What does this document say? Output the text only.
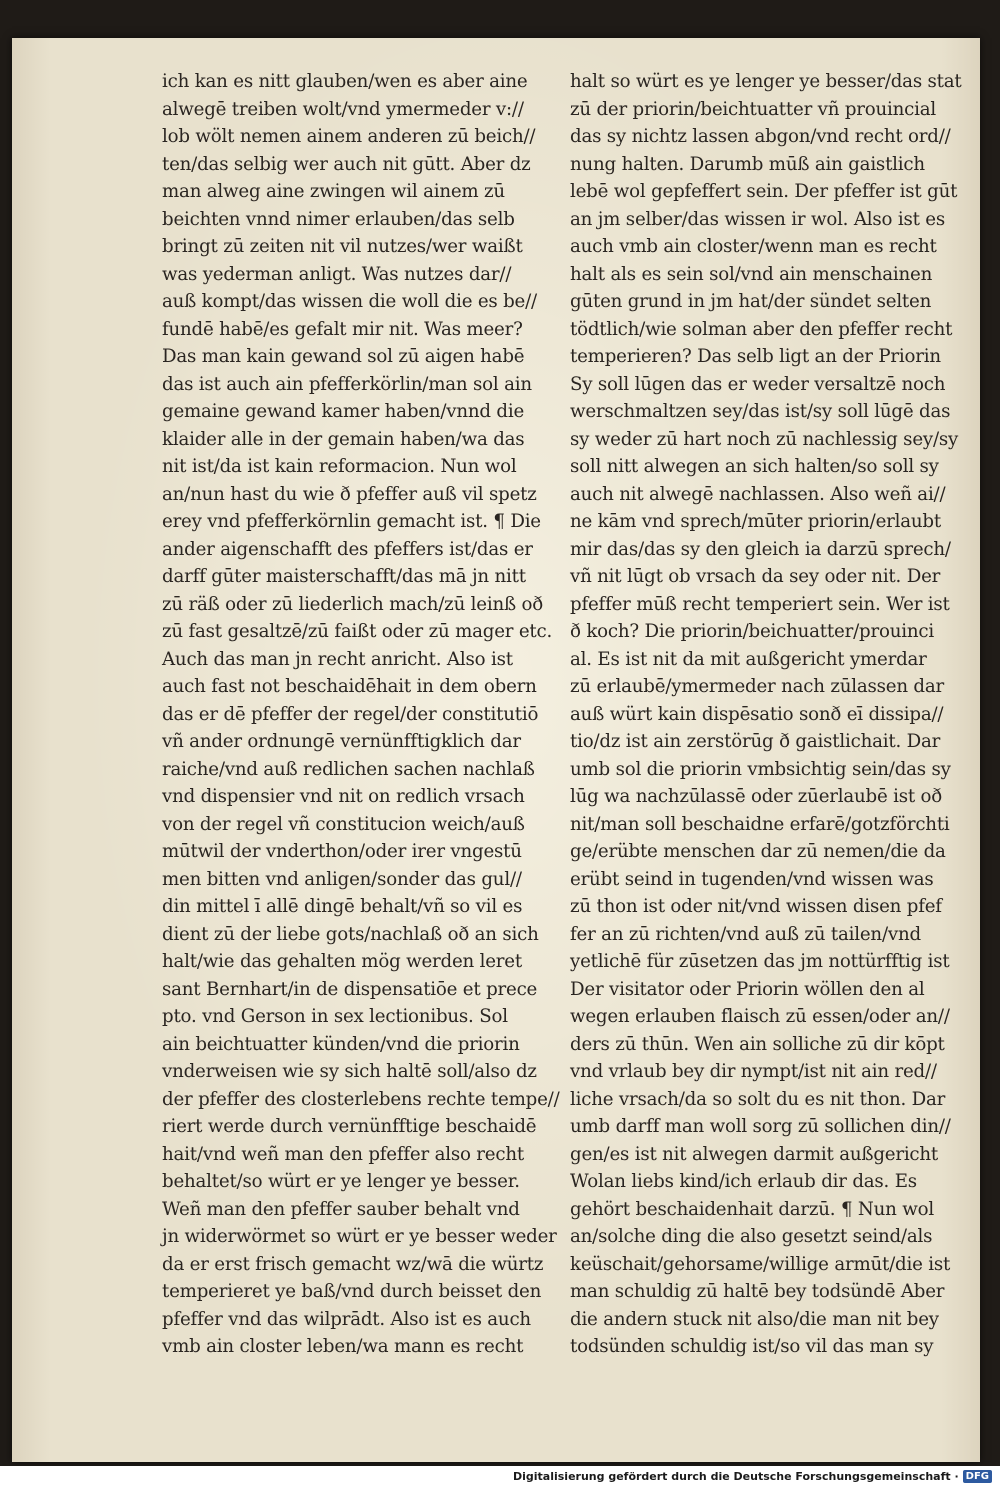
ich kan es nitt glauben/wen es aber aine
alwegē treiben wolt/vnd ymermeder v://
lob wölt nemen ainem anderen zū beich//
ten/das selbig wer auch nit gūtt. Aber dz
man alweg aine zwingen wil ainem zū
beichten vnnd nimer erlauben/das selb
bringt zū zeiten nit vil nutzes/wer waißt
was yederman anligt. Was nutzes dar//
auß kompt/das wissen die woll die es be//
fundē habē/es gefalt mir nit. Was meer?
Das man kain gewand sol zū aigen habē
das ist auch ain pfefferkörlin/man sol ain
gemaine gewand kamer haben/vnnd die
klaider alle in der gemain haben/wa das
nit ist/da ist kain reformacion. Nun wol
an/nun hast du wie ð pfeffer auß vil spetz
erey vnd pfefferkörnlin gemacht ist. ¶ Die
ander aigenschafft des pfeffers ist/das er
darff gūter maisterschafft/das mā jn nitt
zū räß oder zū liederlich mach/zū leinß oð
zū fast gesaltzē/zū faißt oder zū mager etc.
Auch das man jn recht anricht. Also ist
auch fast not beschaidēhait in dem obern
das er dē pfeffer der regel/der constitutiō
vñ ander ordnungē vernünfftigklich dar
raiche/vnd auß redlichen sachen nachlaß
vnd dispensier vnd nit on redlich vrsach
von der regel vñ constitucion weich/auß
mūtwil der vnderthon/oder irer vngestū
men bitten vnd anligen/sonder das gul//
din mittel ī allē dingē behalt/vñ so vil es
dient zū der liebe gots/nachlaß oð an sich
halt/wie das gehalten mög werden leret
sant Bernhart/in de dispensatiōe et prece
pto. vnd Gerson in sex lectionibus. Sol
ain beichtuatter künden/vnd die priorin
vnderweisen wie sy sich haltē soll/also dz
der pfeffer des closterlebens rechte tempe//
riert werde durch vernünfftige beschaidē
hait/vnd weñ man den pfeffer also recht
behaltet/so würt er ye lenger ye besser.
Weñ man den pfeffer sauber behalt vnd
jn widerwörmet so würt er ye besser weder
da er erst frisch gemacht wz/wā die würtz
temperieret ye baß/vnd durch beisset den
pfeffer vnd das wilprādt. Also ist es auch
vmb ain closter leben/wa mann es recht
halt so würt es ye lenger ye besser/das stat
zū der priorin/beichtuatter vñ prouincial
das sy nichtz lassen abgon/vnd recht ord//
nung halten. Darumb mūß ain gaistlich
lebē wol gepfeffert sein. Der pfeffer ist gūt
an jm selber/das wissen ir wol. Also ist es
auch vmb ain closter/wenn man es recht
halt als es sein sol/vnd ain menschainen
gūten grund in jm hat/der sündet selten
tödtlich/wie solman aber den pfeffer recht
temperieren? Das selb ligt an der Priorin
Sy soll lūgen das er weder versaltzē noch
werschmaltzen sey/das ist/sy soll lūgē das
sy weder zū hart noch zū nachlessig sey/sy
soll nitt alwegen an sich halten/so soll sy
auch nit alwegē nachlassen. Also weñ ai//
ne kām vnd sprech/mūter priorin/erlaubt
mir das/das sy den gleich ia darzū sprech/
vñ nit lūgt ob vrsach da sey oder nit. Der
pfeffer mūß recht temperiert sein. Wer ist
ð koch? Die priorin/beichuatter/prouinci
al. Es ist nit da mit außgericht ymerdar
zū erlaubē/ymermeder nach zūlassen dar
auß würt kain dispēsatio sonð eī dissipa//
tio/dz ist ain zerstörūg ð gaistlichait. Dar
umb sol die priorin vmbsichtig sein/das sy
lūg wa nachzūlassē oder zūerlaubē ist oð
nit/man soll beschaidne erfarē/gotzförchti
ge/erübte menschen dar zū nemen/die da
erübt seind in tugenden/vnd wissen was
zū thon ist oder nit/vnd wissen disen pfef
fer an zū richten/vnd auß zū tailen/vnd
yetlichē für zūsetzen das jm nottürfftig ist
Der visitator oder Priorin wöllen den al
wegen erlauben flaisch zū essen/oder an//
ders zū thūn. Wen ain solliche zū dir kōpt
vnd vrlaub bey dir nympt/ist nit ain red//
liche vrsach/da so solt du es nit thon. Dar
umb darff man woll sorg zū sollichen din//
gen/es ist nit alwegen darmit außgericht
Wolan liebs kind/ich erlaub dir das. Es
gehört beschaidenhait darzū. ¶ Nun wol
an/solche ding die also gesetzt seind/als
keüschait/gehorsame/willige armūt/die ist
man schuldig zū haltē bey todsündē Aber
die andern stuck nit also/die man nit bey
todsünden schuldig ist/so vil das man sy
Digitalisierung gefördert durch die Deutsche Forschungsgemeinschaft · DFG
